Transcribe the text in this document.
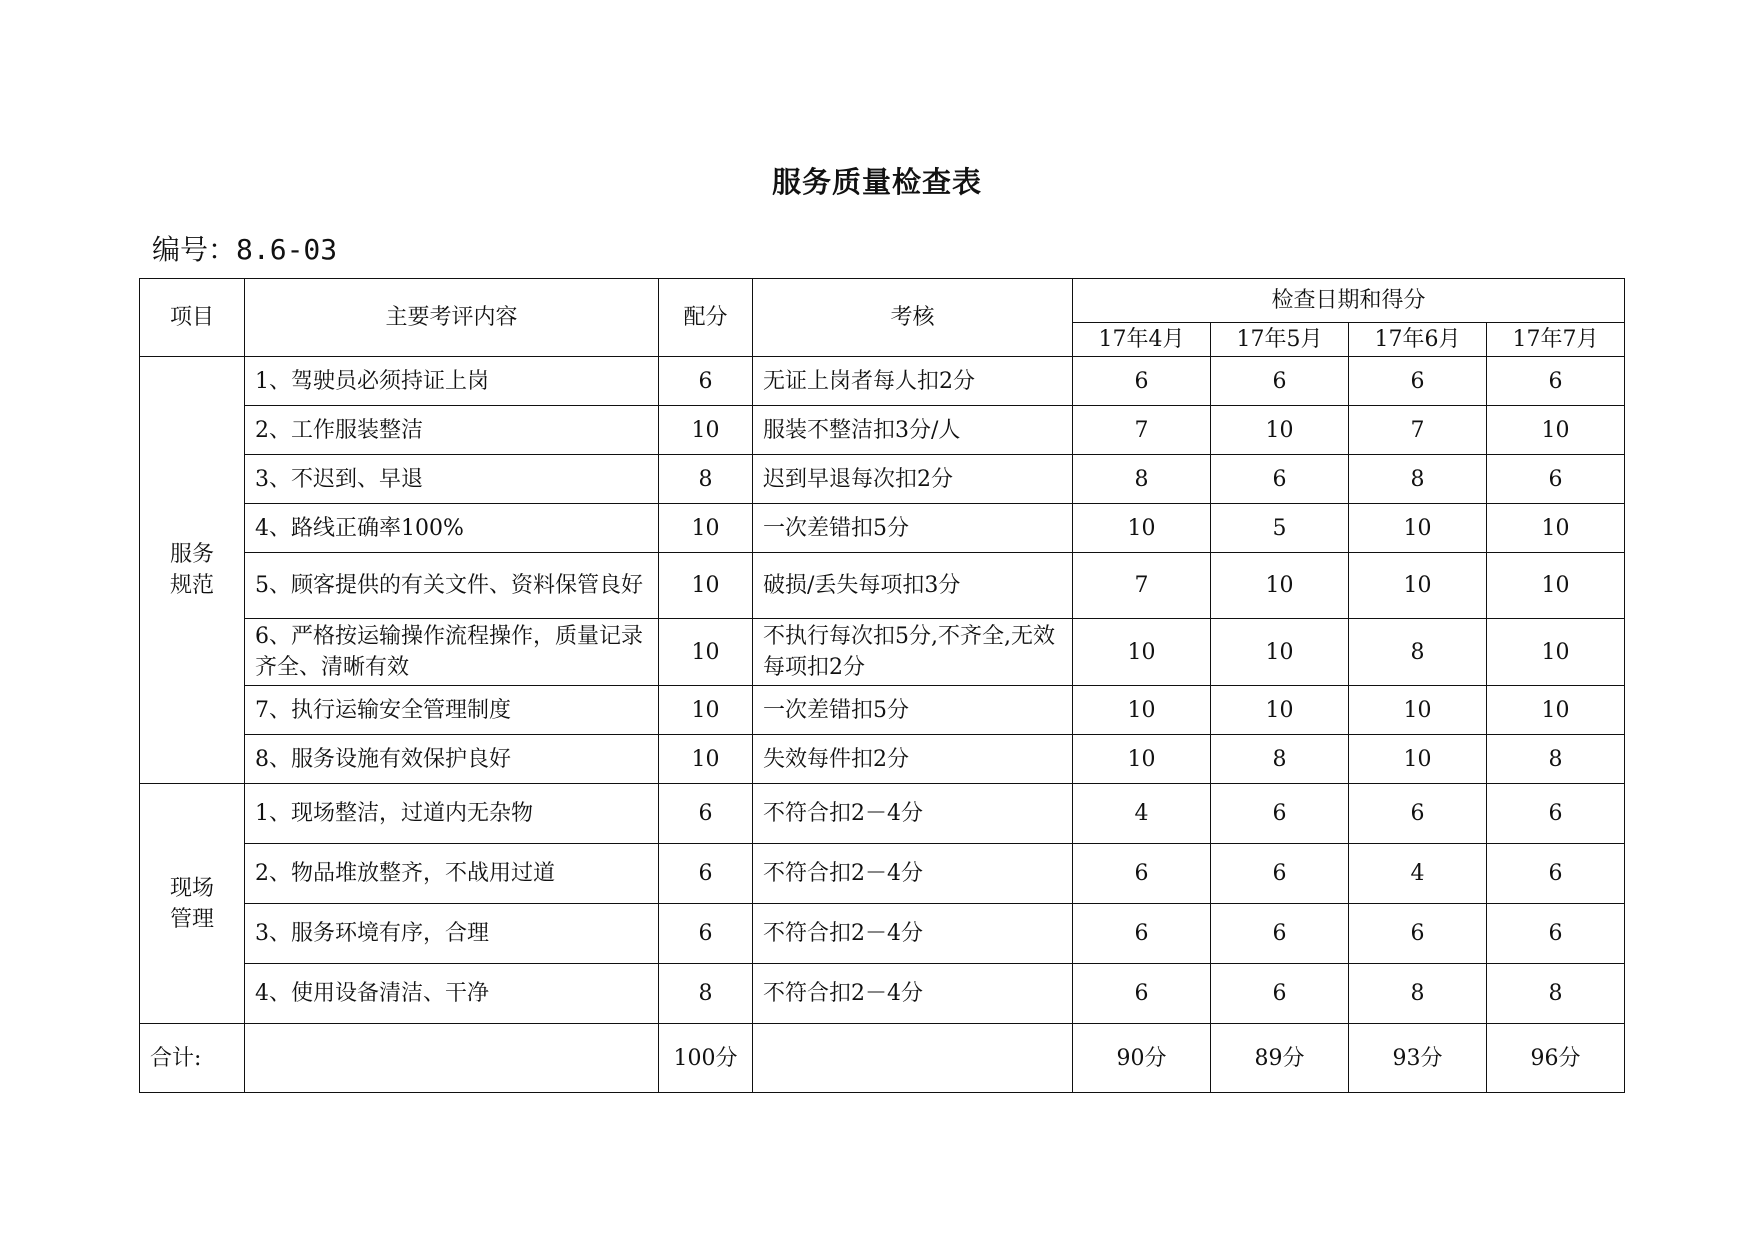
服务质量检查表
编号：8.6-03
项目	主要考评内容	配分	考核	检查日期和得分			
				17年4月	17年5月	17年6月	17年7月
服务
规范	1、驾驶员必须持证上岗	6	无证上岗者每人扣2分	6	6	6	6
	2、工作服装整洁	10	服装不整洁扣3分/人	7	10	7	10
	3、不迟到、早退	8	迟到早退每次扣2分	8	6	8	6
	4、路线正确率100%	10	一次差错扣5分	10	5	10	10
	5、顾客提供的有关文件、资料保管良好	10	破损/丢失每项扣3分	7	10	10	10
	6、严格按运输操作流程操作，质量记录齐全、清晰有效	10	不执行每次扣5分,不齐全,无效每项扣2分	10	10	8	10
	7、执行运输安全管理制度	10	一次差错扣5分	10	10	10	10
	8、服务设施有效保护良好	10	失效每件扣2分	10	8	10	8
现场
管理	1、现场整洁，过道内无杂物	6	不符合扣2－4分	4	6	6	6
	2、物品堆放整齐，不战用过道	6	不符合扣2－4分	6	6	4	6
	3、服务环境有序，合理	6	不符合扣2－4分	6	6	6	6
	4、使用设备清洁、干净	8	不符合扣2－4分	6	6	8	8
合计:		100分		90分	89分	93分	96分
